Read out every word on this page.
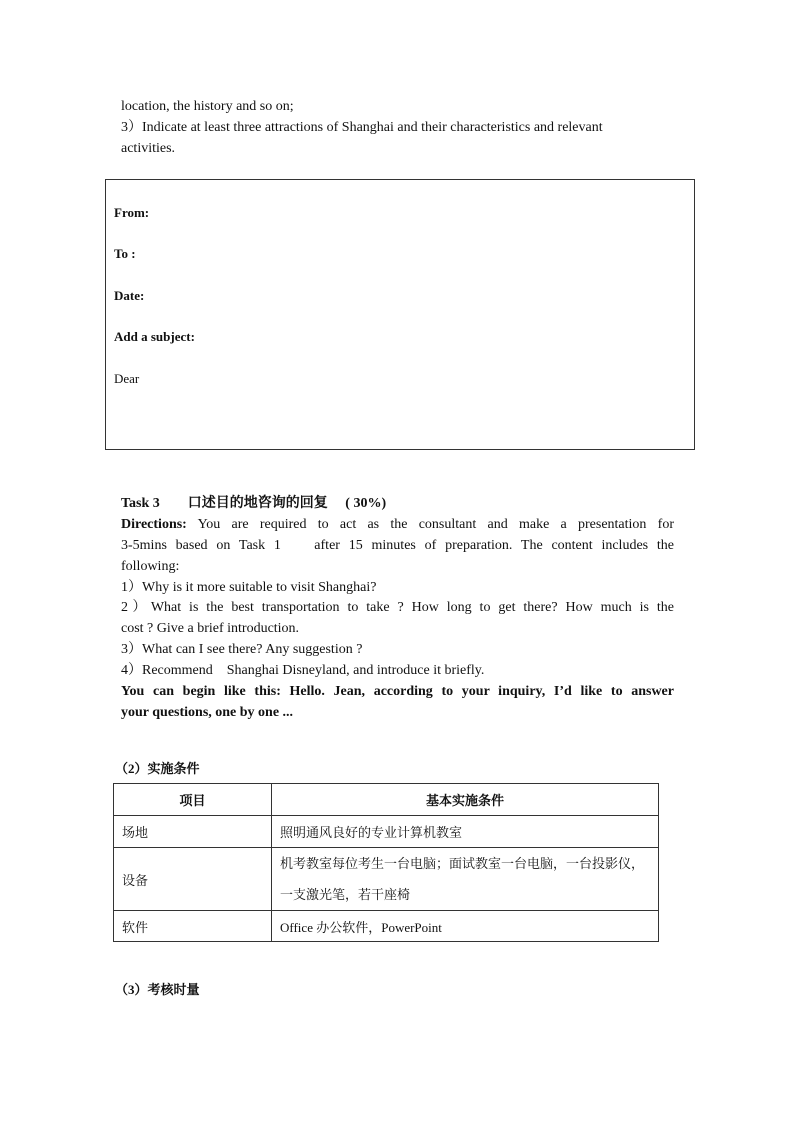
location, the history and so on;
3）Indicate at least three attractions of Shanghai and their characteristics and relevant
activities.
From:
To :
Date:
Add a subject:
Dear
Task 3　　口述目的地咨询的回复　 ( 30%)
Directions: You are required to act as the consultant and make a presentation for
3-5mins based on Task 1　 after 15 minutes of preparation. The content includes the
following:
1）Why is it more suitable to visit Shanghai?
2）What is the best transportation to take ? How long to get there? How much is the
cost ? Give a brief introduction.
3）What can I see there? Any suggestion ?
4）Recommend　Shanghai Disneyland, and introduce it briefly.
You can begin like this: Hello. Jean, according to your inquiry, I’d like to answer
your questions, one by one ...
（2）实施条件
项目	基本实施条件
场地	照明通风良好的专业计算机教室
设备	机考教室每位考生一台电脑；面试教室一台电脑，一台投影仪，
一支激光笔，若干座椅

软件	Office 办公软件，PowerPoint
（3）考核时量
